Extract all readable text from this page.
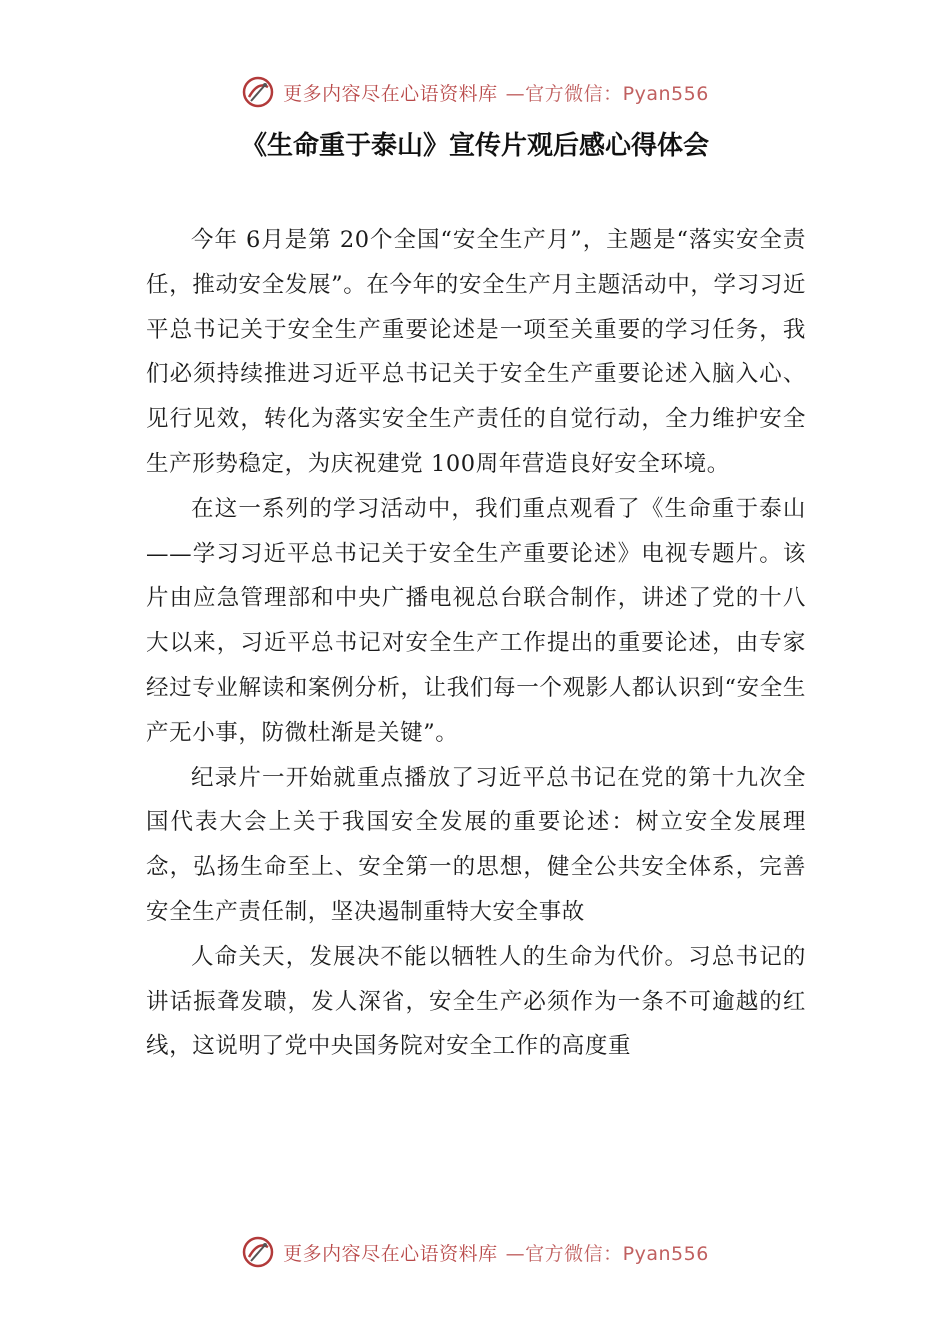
更多内容尽在心语资料库 —官方微信：Pyan556
《生命重于泰山》宣传片观后感心得体会

今年 6月是第 20个全国“安全生产月”，主题是“落实安全责任，推动安全发展”。在今年的安全生产月主题活动中，学习习近平总书记关于安全生产重要论述是一项至关重要的学习任务，我们必须持续推进习近平总书记关于安全生产重要论述入脑入心、见行见效，转化为落实安全生产责任的自觉行动，全力维护安全生产形势稳定，为庆祝建党 100周年营造良好安全环境。

在这一系列的学习活动中，我们重点观看了《生命重于泰山——学习习近平总书记关于安全生产重要论述》电视专题片。该片由应急管理部和中央广播电视总台联合制作，讲述了党的十八大以来，习近平总书记对安全生产工作提出的重要论述，由专家经过专业解读和案例分析，让我们每一个观影人都认识到“安全生产无小事，防微杜渐是关键”。

纪录片一开始就重点播放了习近平总书记在党的第十九次全国代表大会上关于我国安全发展的重要论述：树立安全发展理念，弘扬生命至上、安全第一的思想，健全公共安全体系，完善安全生产责任制，坚决遏制重特大安全事故

人命关天，发展决不能以牺牲人的生命为代价。习总书记的讲话振聋发聩，发人深省，安全生产必须作为一条不可逾越的红线，这说明了党中央国务院对安全工作的高度重

更多内容尽在心语资料库 —官方微信：Pyan556
